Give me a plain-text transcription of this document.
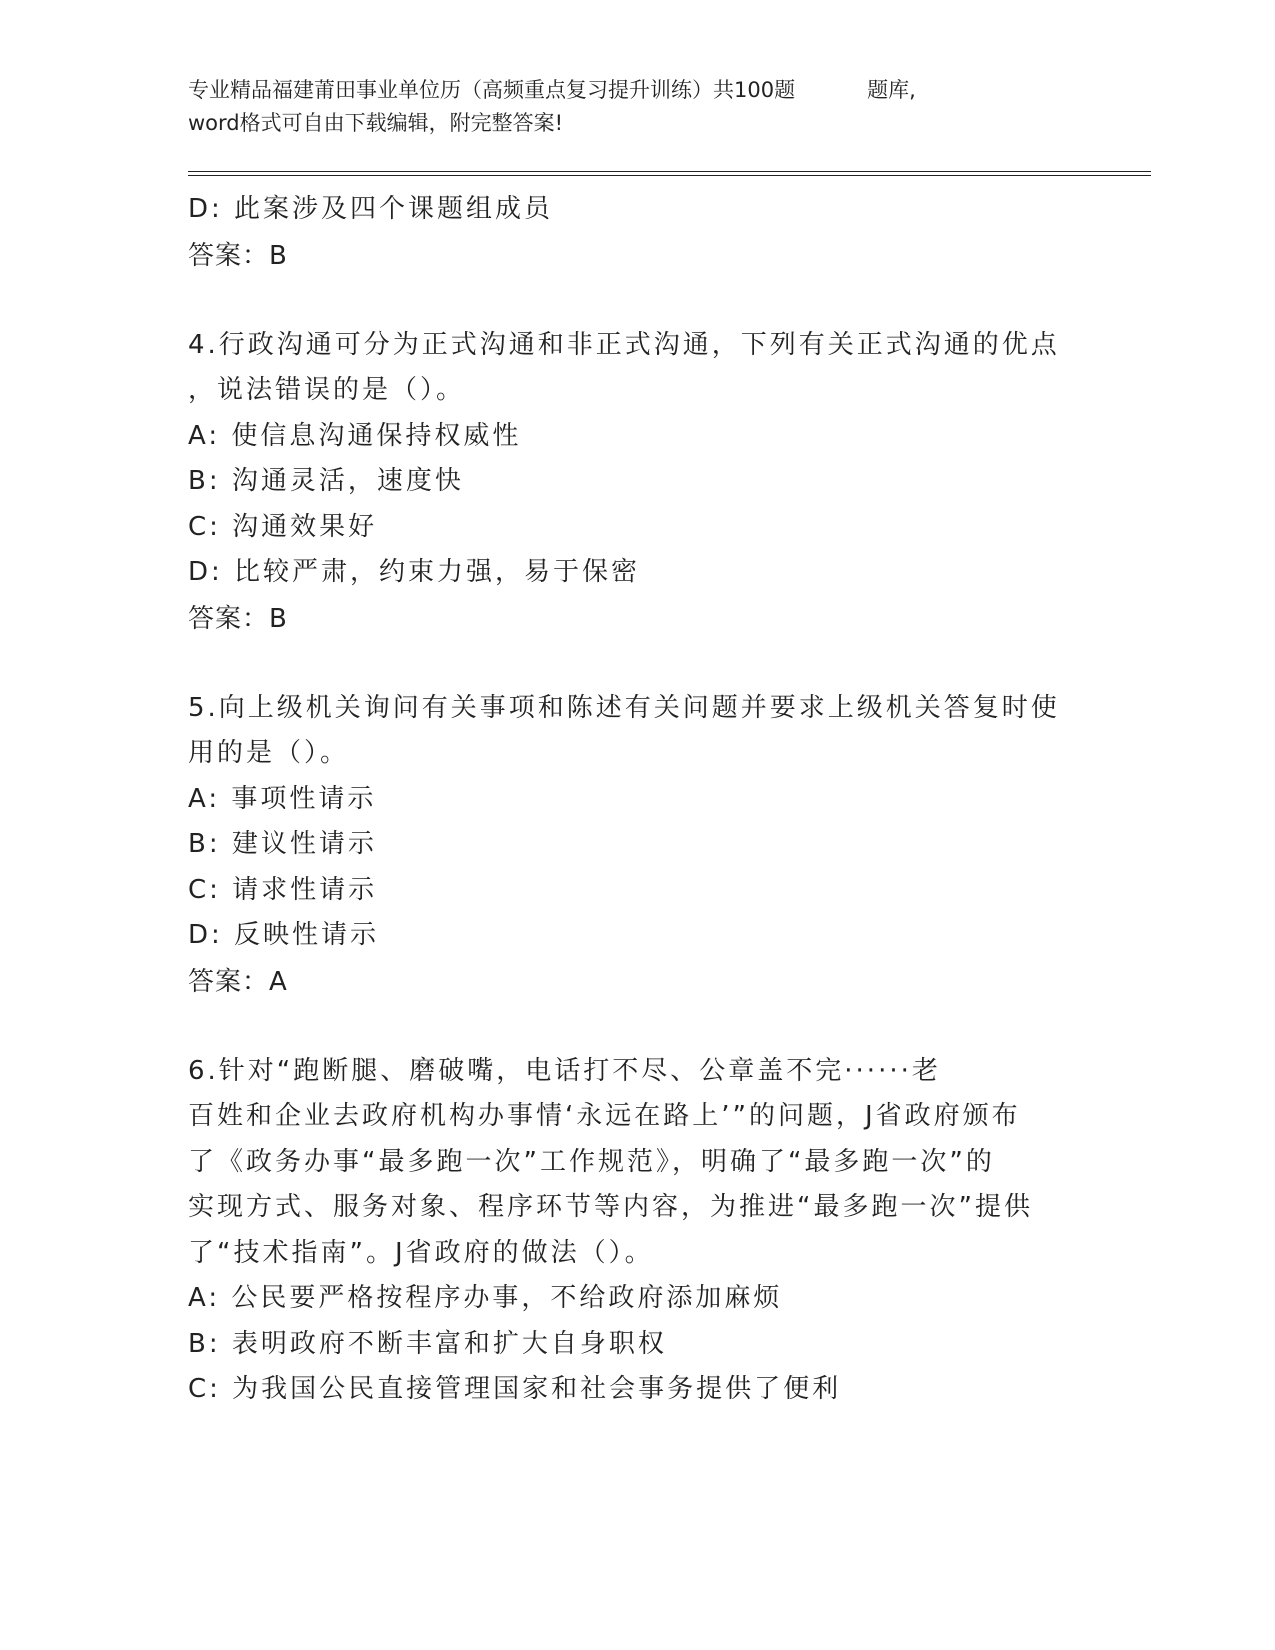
专业精品福建莆田事业单位历（高频重点复习提升训练）共100题	题库,
word格式可自由下载编辑，附完整答案!
D: 此案涉及四个课题组成员
答案：B
4.行政沟通可分为正式沟通和非正式沟通，下列有关正式沟通的优点
，说法错误的是（）。
A: 使信息沟通保持权威性
B: 沟通灵活，速度快
C: 沟通效果好
D: 比较严肃，约束力强，易于保密
答案：B
5.向上级机关询问有关事项和陈述有关问题并要求上级机关答复时使
用的是（）。
A: 事项性请示
B: 建议性请示
C: 请求性请示
D: 反映性请示
答案：A
6.针对“跑断腿、磨破嘴，电话打不尽、公章盖不完······老
百姓和企业去政府机构办事情‘永远在路上’”的问题，J省政府颁布
了《政务办事“最多跑一次”工作规范》，明确了“最多跑一次”的
实现方式、服务对象、程序环节等内容，为推进“最多跑一次”提供
了“技术指南”。J省政府的做法（）。
A: 公民要严格按程序办事，不给政府添加麻烦
B: 表明政府不断丰富和扩大自身职权
C: 为我国公民直接管理国家和社会事务提供了便利
